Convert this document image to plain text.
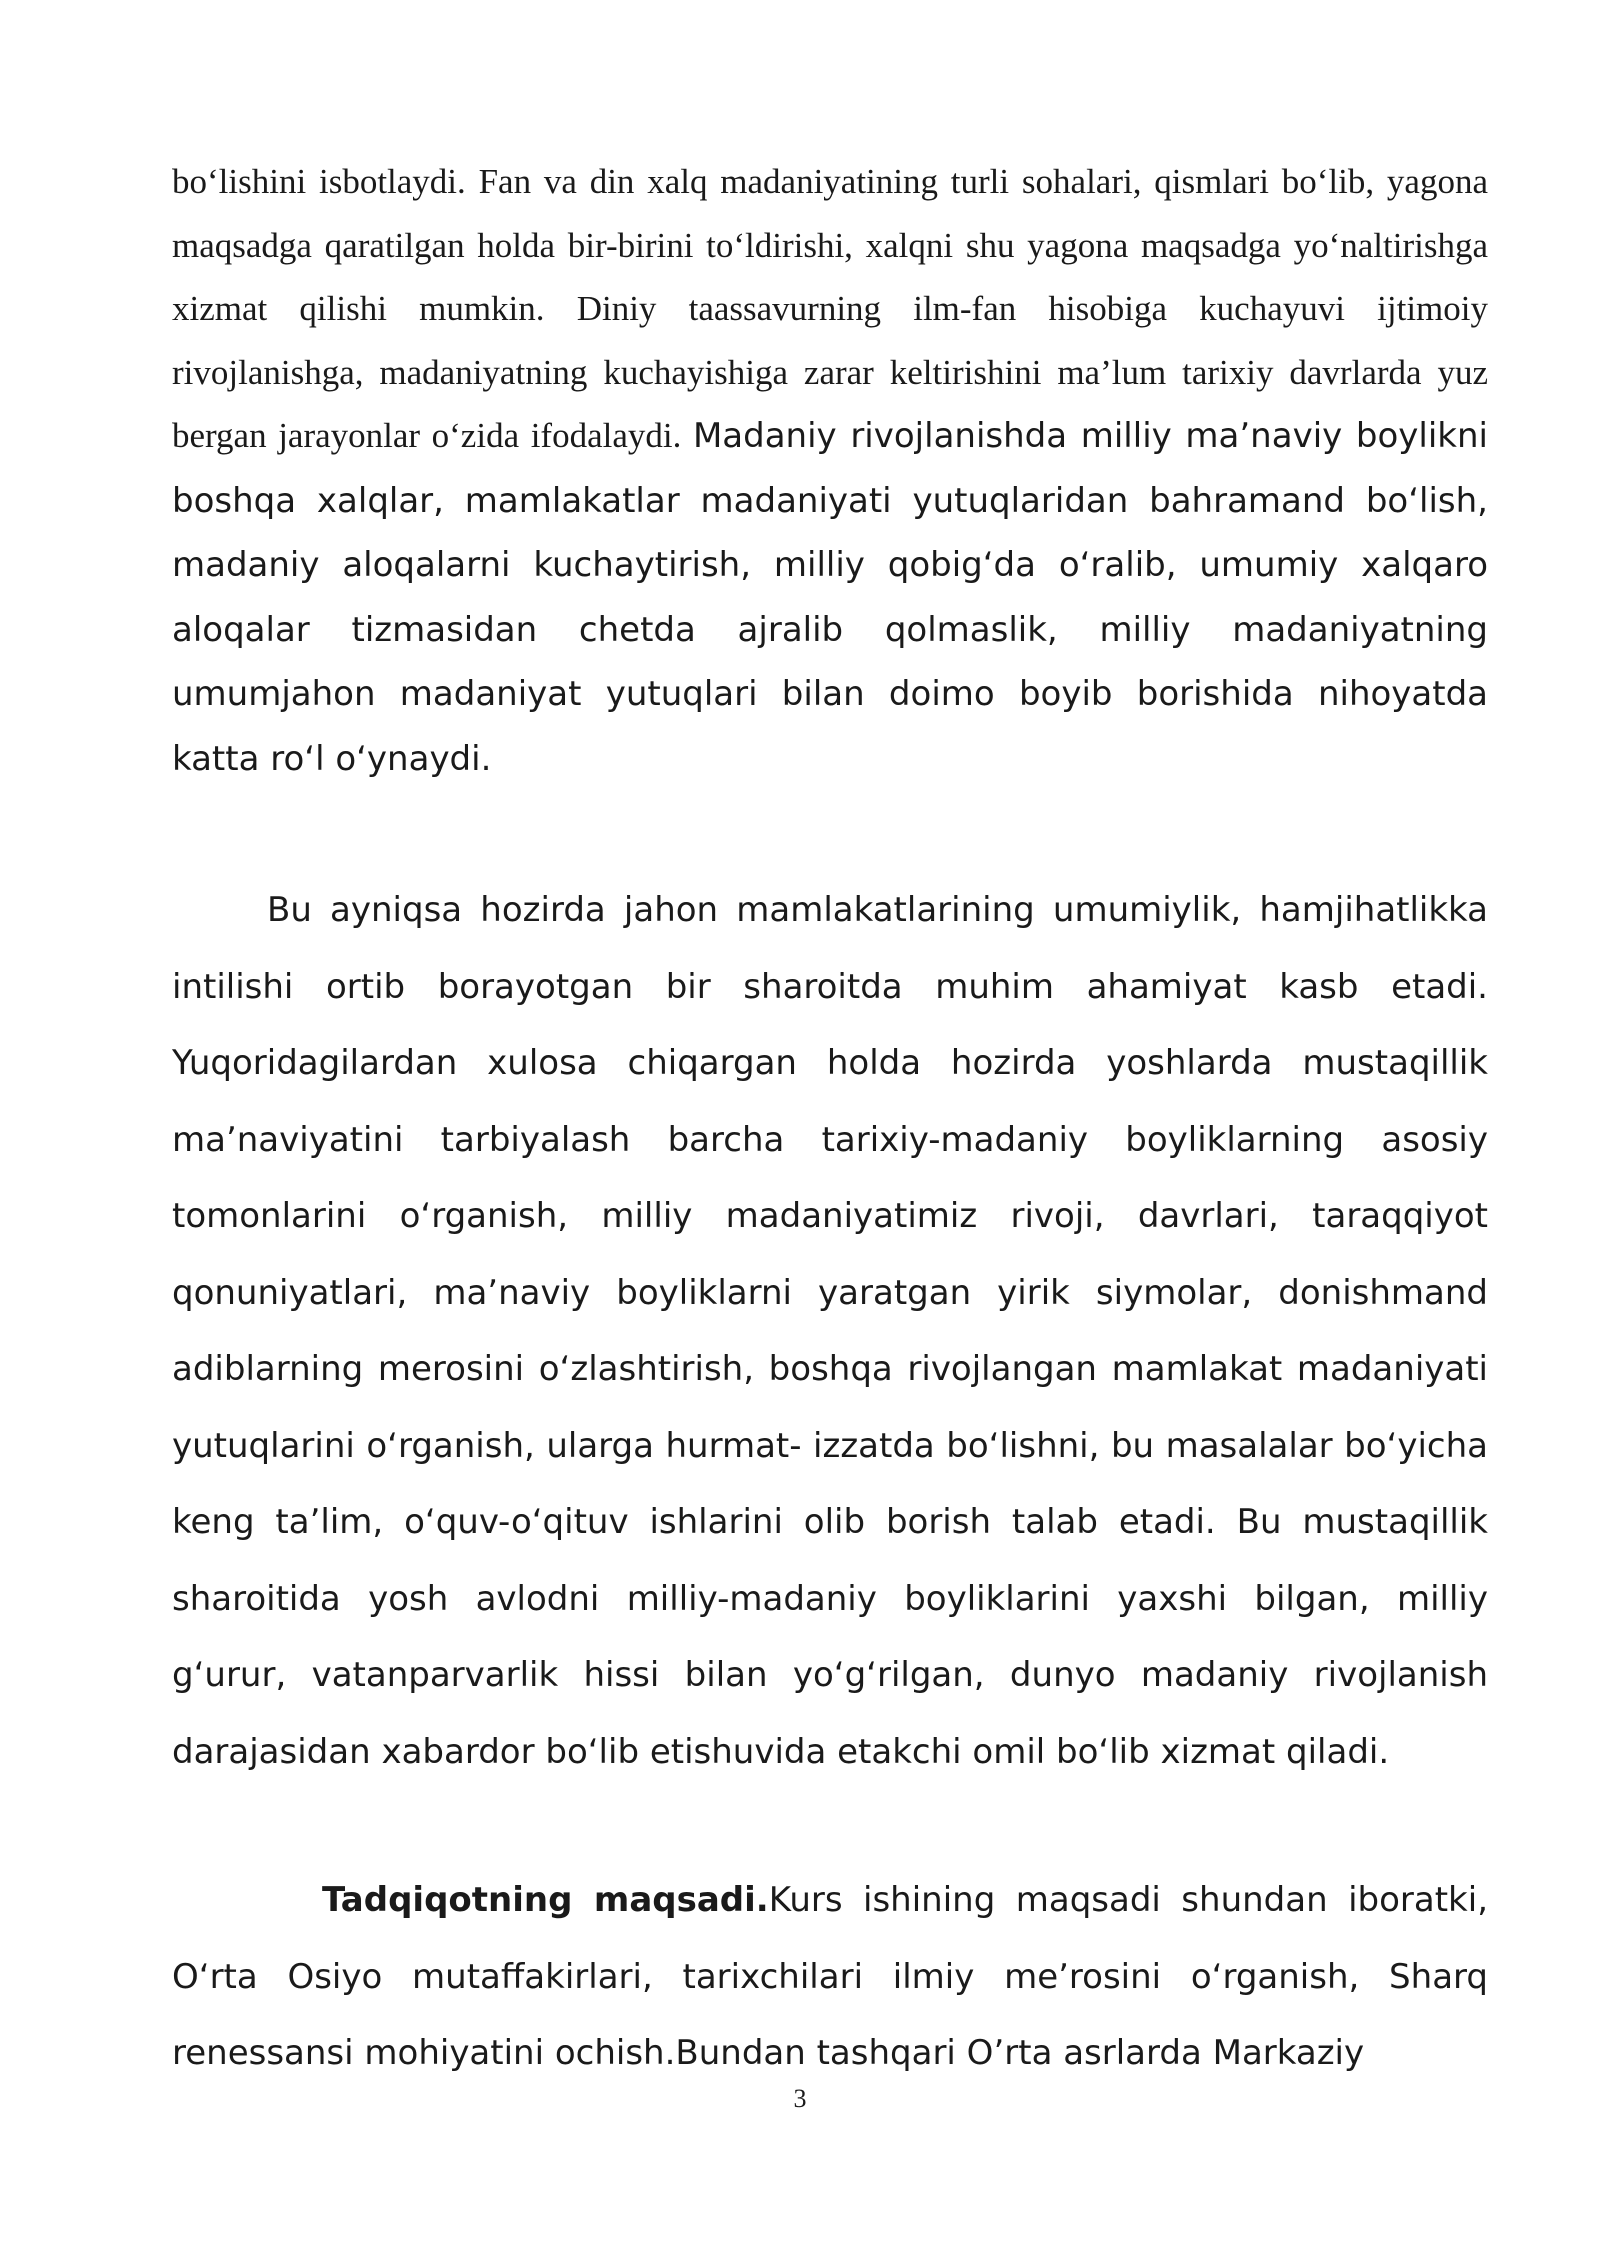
bo‘lishini isbotlaydi. Fan va din xalq madaniyatining turli sohalari, qismlari bo‘lib, yagona maqsadga qaratilgan holda bir-birini to‘ldirishi, xalqni shu yagona maqsadga yo‘naltirishga xizmat qilishi mumkin. Diniy taassavurning ilm-fan hisobiga kuchayuvi ijtimoiy rivojlanishga, madaniyatning kuchayishiga zarar keltirishini ma’lum tarixiy davrlarda yuz bergan jarayonlar o‘zida ifodalaydi. Madaniy rivojlanishda milliy ma’naviy boylikni boshqa xalqlar, mamlakatlar madaniyati yutuqlaridan bahramand bo‘lish, madaniy aloqalarni kuchaytirish, milliy qobig‘da o‘ralib, umumiy xalqaro aloqalar tizmasidan chetda ajralib qolmaslik, milliy madaniyatning umumjahon madaniyat yutuqlari bilan doimo boyib borishida nihoyatda katta ro‘l o‘ynaydi.
Bu ayniqsa hozirda jahon mamlakatlarining umumiylik, hamjihatlikka intilishi ortib borayotgan bir sharoitda muhim ahamiyat kasb etadi. Yuqoridagilardan xulosa chiqargan holda hozirda yoshlarda mustaqillik ma’naviyatini tarbiyalash barcha tarixiy-madaniy boyliklarning asosiy tomonlarini o‘rganish, milliy madaniyatimiz rivoji, davrlari, taraqqiyot qonuniyatlari, ma’naviy boyliklarni yaratgan yirik siymolar, donishmand adiblarning merosini o‘zlashtirish, boshqa rivojlangan mamlakat madaniyati yutuqlarini o‘rganish, ularga hurmat- izzatda bo‘lishni, bu masalalar bo‘yicha keng ta’lim, o‘quv-o‘qituv ishlarini olib borish talab etadi. Bu mustaqillik sharoitida yosh avlodni milliy-madaniy boyliklarini yaxshi bilgan, milliy g‘urur, vatanparvarlik hissi bilan yo‘g‘rilgan, dunyo madaniy rivojlanish darajasidan xabardor bo‘lib etishuvida etakchi omil bo‘lib xizmat qiladi.
Tadqiqotning maqsadi.Kurs ishining maqsadi shundan iboratki, O‘rta Osiyo mutaffakirlari, tarixchilari ilmiy me’rosini o‘rganish, Sharq renessansi mohiyatini ochish.Bundan tashqari O’rta asrlarda Markaziy
3
